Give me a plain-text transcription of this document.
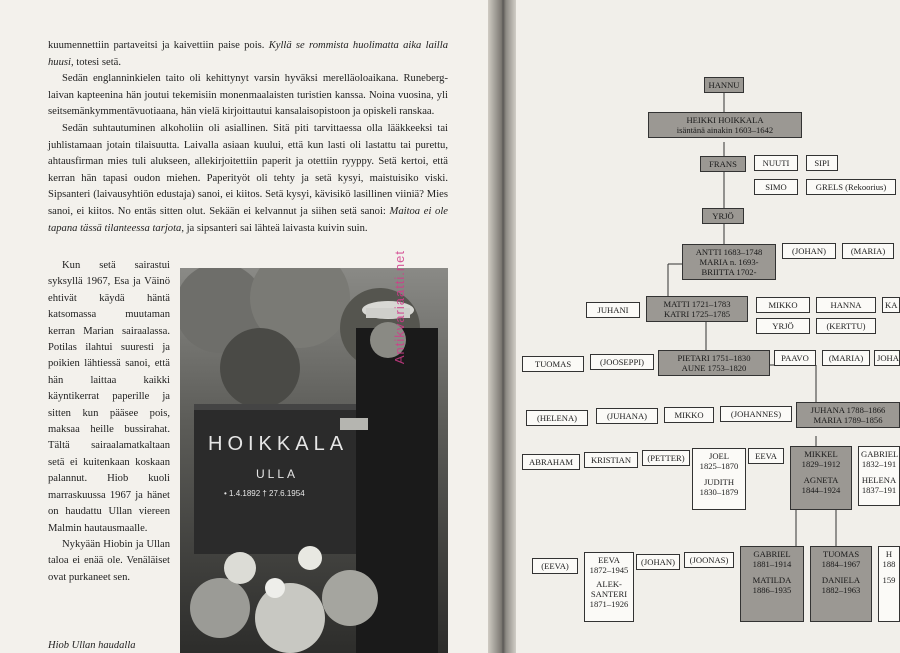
kuumennettiin partaveitsi ja kaivettiin paise pois. Kyllä se rommista huolimatta aika lailla huusi, totesi setä.

Sedän englanninkielen taito oli kehittynyt varsin hyväksi merelläoloaikana. Runeberg-laivan kapteenina hän joutui tekemisiin monenmaalaisten turistien kanssa. Noina vuosina, yli seitsemänkymmentävuotiaana, hän vielä kirjoittautui kansalaisopistoon ja opiskeli ranskaa.

Sedän suhtautuminen alkoholiin oli asiallinen. Sitä piti tarvittaessa olla lääkkeeksi tai juhlistamaan jotain tilaisuutta. Laivalla asiaan kuului, että kun lasti oli lastattu tai purettu, ahtausfirman mies tuli alukseen, allekirjoitettiin paperit ja otettiin ryyppy. Setä kertoi, että kerran hän tapasi oudon miehen. Paperityöt oli tehty ja setä kysyi, maistuisiko viski. Sipsanteri (laivausyhtiön edustaja) sanoi, ei kiitos. Setä kysyi, kävisikö lasillinen viiniä? Mies sanoi, ei kiitos. No entäs sitten olut. Sekään ei kelvannut ja siihen setä sanoi: Maitoa ei ole tapana tässä tilanteessa tarjota, ja sipsanteri sai lähteä laivasta kuivin suin.

Kun setä sairastui syksyllä 1967, Esa ja Väinö ehtivät käydä häntä katsomassa muutaman kerran Marian sairaalassa. Potilas ilahtui suuresti ja poikien lähtiessä sanoi, että hän laittaa kaikki käyntikerrat paperille ja sitten kun pääsee pois, maksaa heille bussirahat. Tältä sairaalamatkaltaan setä ei kuitenkaan koskaan palannut. Hiob kuoli marraskuussa 1967 ja hänet on haudattu Ullan viereen Malmin hautausmaalle.

Nykyään Hiobin ja Ullan taloa ei enää ole. Venäläiset ovat purkaneet sen.

HOIKKALA
ULLA
• 1.4.1892 † 27.6.1954
Antikvariaatti.net
Hiob Ullan haudalla
HANNU
HEIKKI HOIKKALA
isäntänä ainakin 1603–1642
FRANS	NUUTI	SIPI
SIMO	GRELS (Rekoorius)
YRJÖ
ANTTI 1683–1748
MARIA n. 1693-
BRIITTA 1702-
(JOHAN)	(MARIA)
JUHANI
MATTI 1721–1783
KATRI 1725–1785
MIKKO	HANNA	KA
YRJÖ	(KERTTU)
TUOMAS	(JOOSEPPI)	PIETARI 1751–1830
AUNE 1753–1820
PAAVO	(MARIA)	JOHA
(HELENA)	(JUHANA)	MIKKO	(JOHANNES)	JUHANA 1788–1866
MARIA 1789–1856
ABRAHAM	KRISTIAN	(PETTER)	JOEL
1825–1870
JUDITH
1830–1879
EEVA	MIKKEL
1829–1912
AGNETA
1844–1924
GABRIEL
1832–191
HELENA
1837–191
(EEVA)
EEVA
1872–1945
ALEK-
SANTERI
1871–1926
(JOHAN)	(JOONAS)
GABRIEL
1881–1914
MATILDA
1886–1935
TUOMAS
1884–1967
DANIELA
1882–1963
H
188
159
